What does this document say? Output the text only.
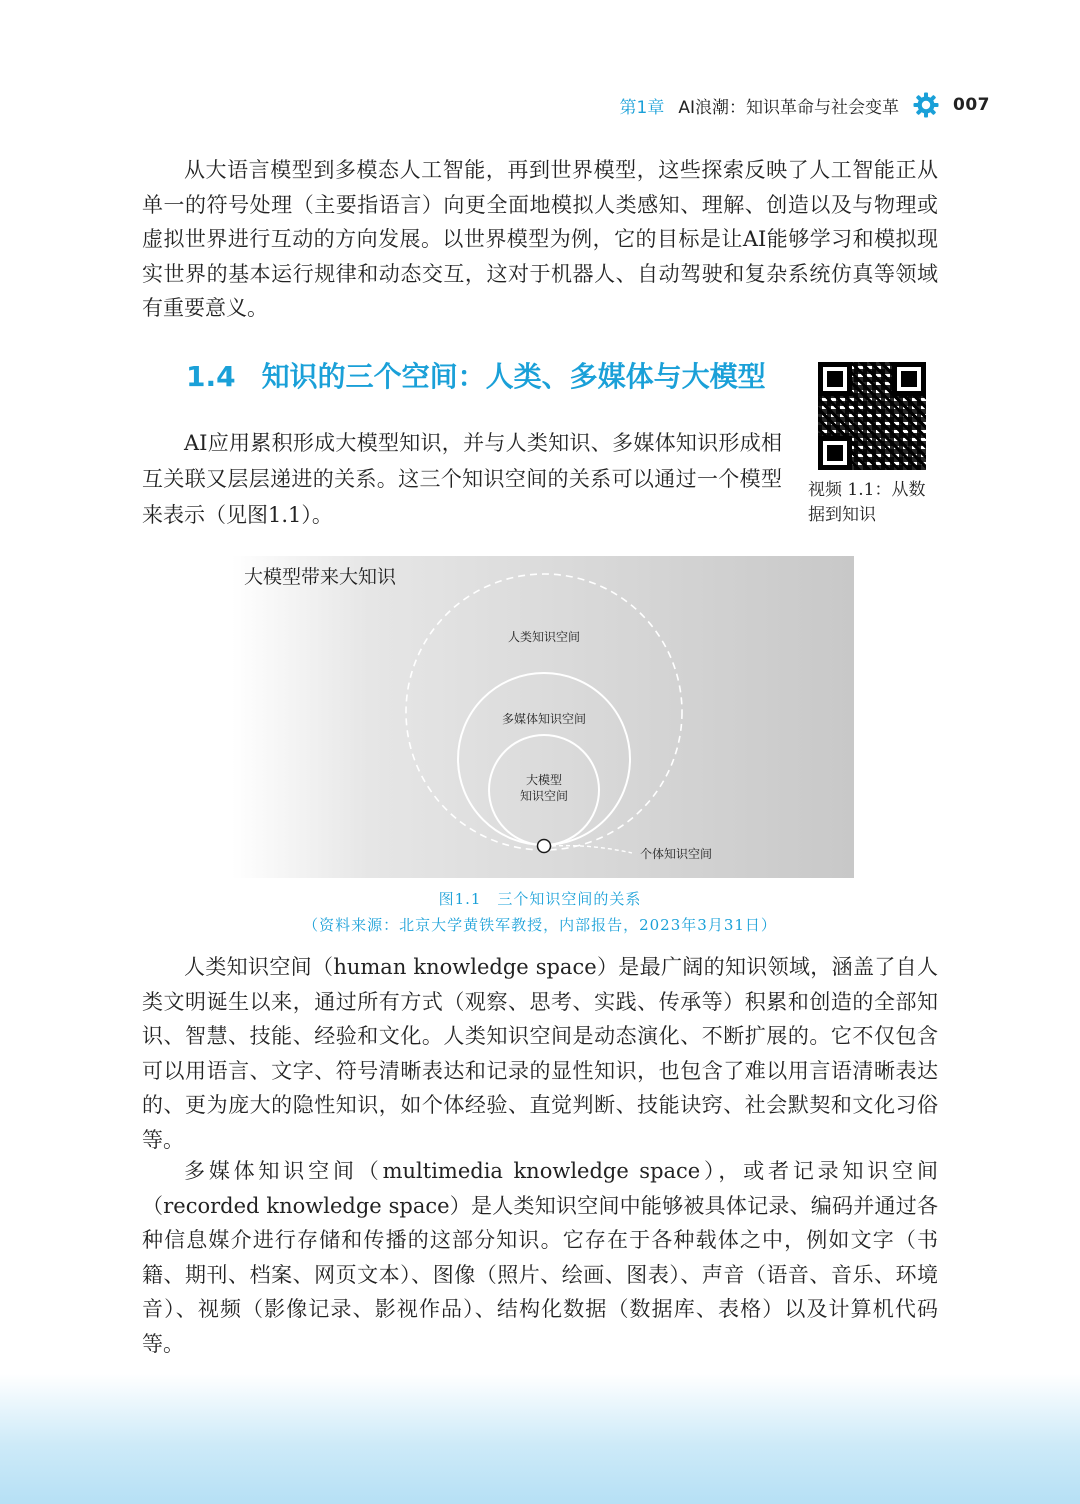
第1章 AI浪潮：知识革命与社会变革	007

从大语言模型到多模态人工智能，再到世界模型，这些探索反映了人工智能正从单一的符号处理（主要指语言）向更全面地模拟人类感知、理解、创造以及与物理或虚拟世界进行互动的方向发展。以世界模型为例，它的目标是让AI能够学习和模拟现实世界的基本运行规律和动态交互，这对于机器人、自动驾驶和复杂系统仿真等领域有重要意义。

1.4 知识的三个空间：人类、多媒体与大模型

AI应用累积形成大模型知识，并与人类知识、多媒体知识形成相互关联又层层递进的关系。这三个知识空间的关系可以通过一个模型来表示（见图1.1）。

视频 1.1：从数据到知识
大模型带来大知识
人类知识空间
多媒体知识空间
大模型
知识空间
个体知识空间
图1.1　三个知识空间的关系
（资料来源：北京大学黄铁军教授，内部报告，2023年3月31日）

人类知识空间（human knowledge space）是最广阔的知识领域，涵盖了自人类文明诞生以来，通过所有方式（观察、思考、实践、传承等）积累和创造的全部知识、智慧、技能、经验和文化。人类知识空间是动态演化、不断扩展的。它不仅包含可以用语言、文字、符号清晰表达和记录的显性知识，也包含了难以用言语清晰表达的、更为庞大的隐性知识，如个体经验、直觉判断、技能诀窍、社会默契和文化习俗等。

多媒体知识空间（multimedia knowledge space），或者记录知识空间（recorded knowledge space）是人类知识空间中能够被具体记录、编码并通过各种信息媒介进行存储和传播的这部分知识。它存在于各种载体之中，例如文字（书籍、期刊、档案、网页文本）、图像（照片、绘画、图表）、声音（语音、音乐、环境音）、视频（影像记录、影视作品）、结构化数据（数据库、表格）以及计算机代码等。
